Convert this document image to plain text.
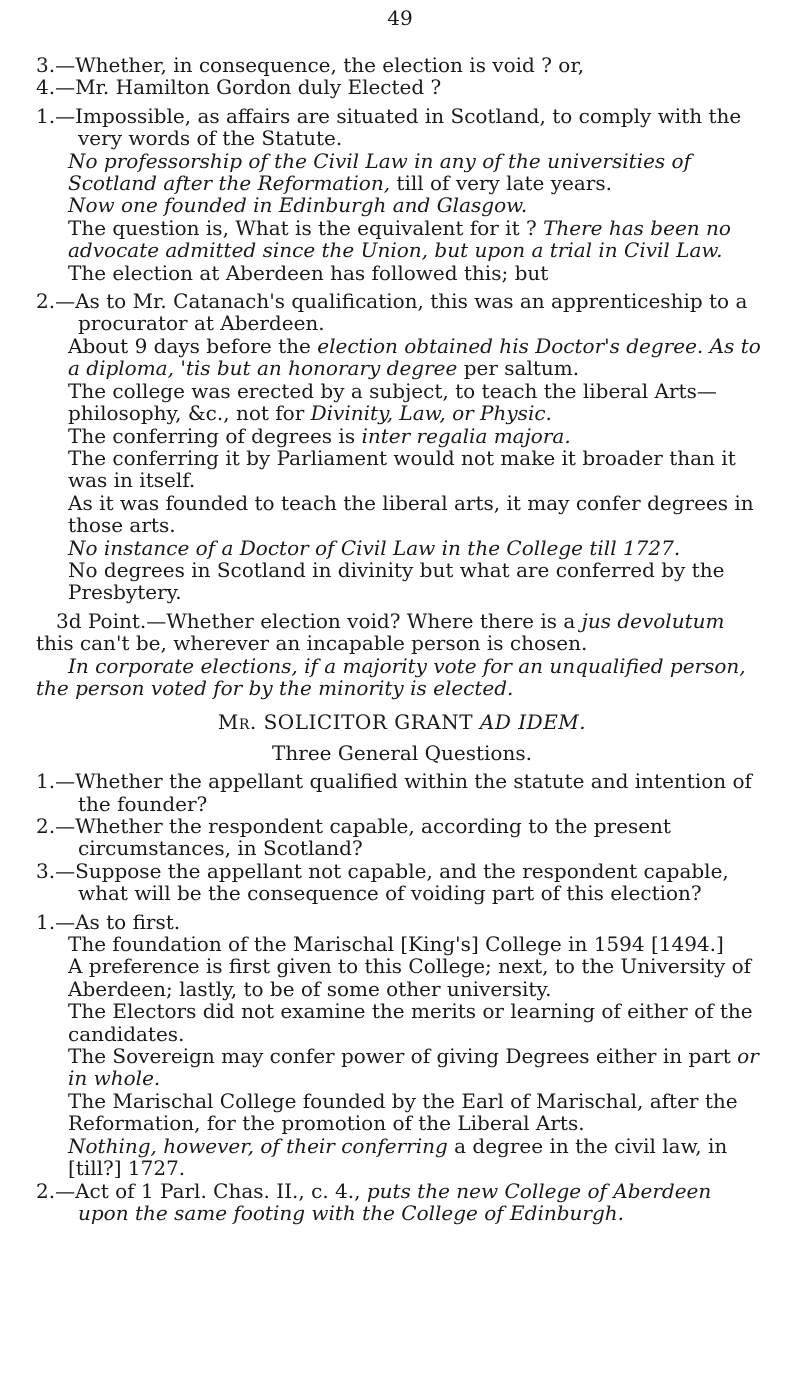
49

3.—Whether, in consequence, the election is void ? or,

4.—Mr. Hamilton Gordon duly Elected ?

1.—Impossible, as affairs are situated in Scotland, to comply with the very words of the Statute.

No professorship of the Civil Law in any of the universities of Scotland after the Reformation, till of very late years.

Now one founded in Edinburgh and Glasgow.

The question is, What is the equivalent for it ? There has been no advocate admitted since the Union, but upon a trial in Civil Law.

The election at Aberdeen has followed this; but

2.—As to Mr. Catanach's qualification, this was an apprenticeship to a procurator at Aberdeen.

About 9 days before the election obtained his Doctor's degree. As to a diploma, 'tis but an honorary degree per saltum.

The college was erected by a subject, to teach the liberal Arts—philosophy, &c., not for Divinity, Law, or Physic.

The conferring of degrees is inter regalia majora.

The conferring it by Parliament would not make it broader than it was in itself.

As it was founded to teach the liberal arts, it may confer degrees in those arts.

No instance of a Doctor of Civil Law in the College till 1727.

No degrees in Scotland in divinity but what are conferred by the Presbytery.

3d Point.—Whether election void? Where there is a jus devolutum this can't be, wherever an incapable person is chosen.

In corporate elections, if a majority vote for an unqualified person, the person voted for by the minority is elected.

Mr. SOLICITOR GRANT AD IDEM.

Three General Questions.

1.—Whether the appellant qualified within the statute and intention of the founder?

2.—Whether the respondent capable, according to the present circumstances, in Scotland?

3.—Suppose the appellant not capable, and the respondent capable, what will be the consequence of voiding part of this election?

1.—As to first.

The foundation of the Marischal [King's] College in 1594 [1494.]

A preference is first given to this College; next, to the University of Aberdeen; lastly, to be of some other university.

The Electors did not examine the merits or learning of either of the candidates.

The Sovereign may confer power of giving Degrees either in part or in whole.

The Marischal College founded by the Earl of Marischal, after the Reformation, for the promotion of the Liberal Arts.

Nothing, however, of their conferring a degree in the civil law, in [till?] 1727.

2.—Act of 1 Parl. Chas. II., c. 4., puts the new College of Aberdeen upon the same footing with the College of Edinburgh.
